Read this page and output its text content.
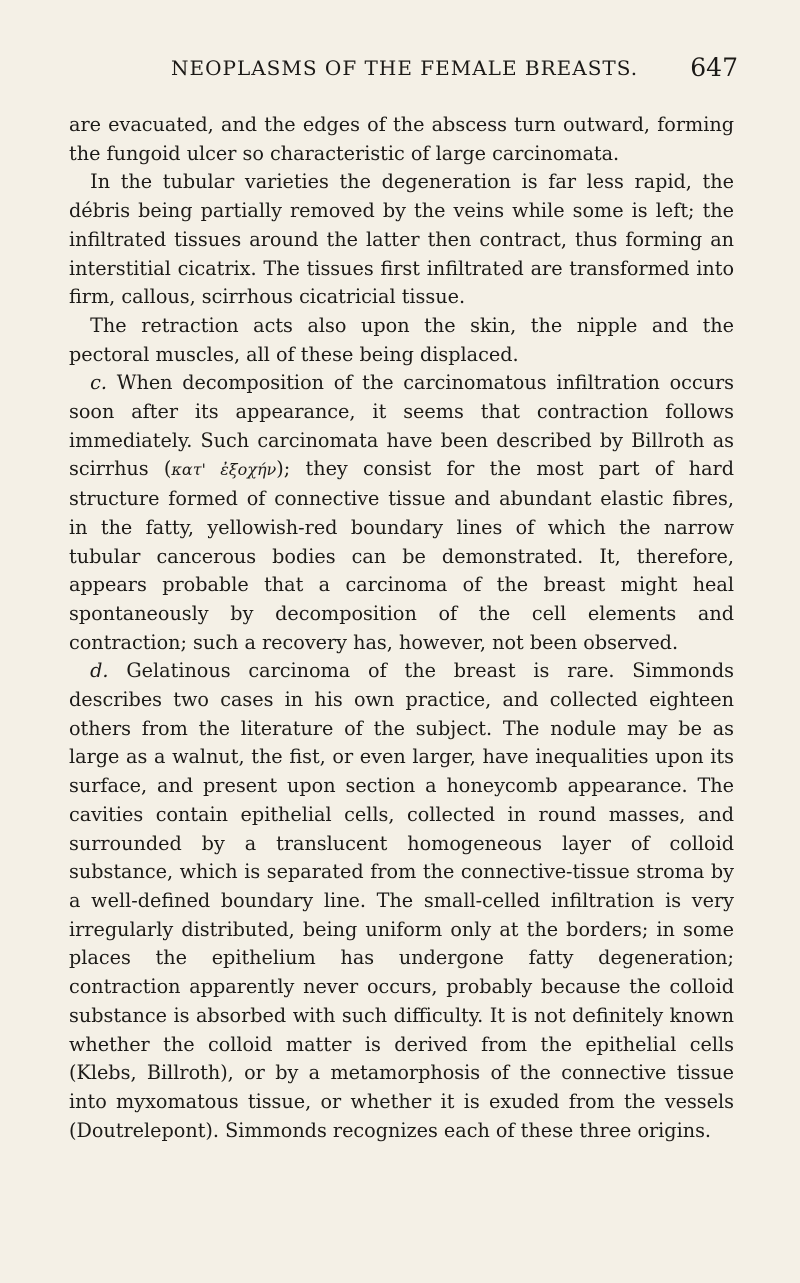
NEOPLASMS OF THE FEMALE BREASTS. 647

are evacuated, and the edges of the abscess turn outward, forming the fungoid ulcer so characteristic of large carcinomata.

In the tubular varieties the degeneration is far less rapid, the débris being partially removed by the veins while some is left; the infiltrated tissues around the latter then contract, thus forming an interstitial cicatrix. The tissues first infiltrated are transformed into firm, callous, scirrhous cicatricial tissue.

The retraction acts also upon the skin, the nipple and the pectoral muscles, all of these being displaced.

c. When decomposition of the carcinomatous infiltration occurs soon after its appearance, it seems that contraction follows immediately. Such carcinomata have been described by Billroth as scirrhus (κατ' ἐξοχήν); they consist for the most part of hard structure formed of connective tissue and abundant elastic fibres, in the fatty, yellowish-red boundary lines of which the narrow tubular cancerous bodies can be demonstrated. It, therefore, appears probable that a carcinoma of the breast might heal spontaneously by decomposition of the cell elements and contraction; such a recovery has, however, not been observed.

d. Gelatinous carcinoma of the breast is rare. Simmonds describes two cases in his own practice, and collected eighteen others from the literature of the subject. The nodule may be as large as a walnut, the fist, or even larger, have inequalities upon its surface, and present upon section a honeycomb appearance. The cavities contain epithelial cells, collected in round masses, and surrounded by a translucent homogeneous layer of colloid substance, which is separated from the connective-tissue stroma by a well-defined boundary line. The small-celled infiltration is very irregularly distributed, being uniform only at the borders; in some places the epithelium has undergone fatty degeneration; contraction apparently never occurs, probably because the colloid substance is absorbed with such difficulty. It is not definitely known whether the colloid matter is derived from the epithelial cells (Klebs, Billroth), or by a metamorphosis of the connective tissue into myxomatous tissue, or whether it is exuded from the vessels (Doutrelepont). Simmonds recognizes each of these three origins.
